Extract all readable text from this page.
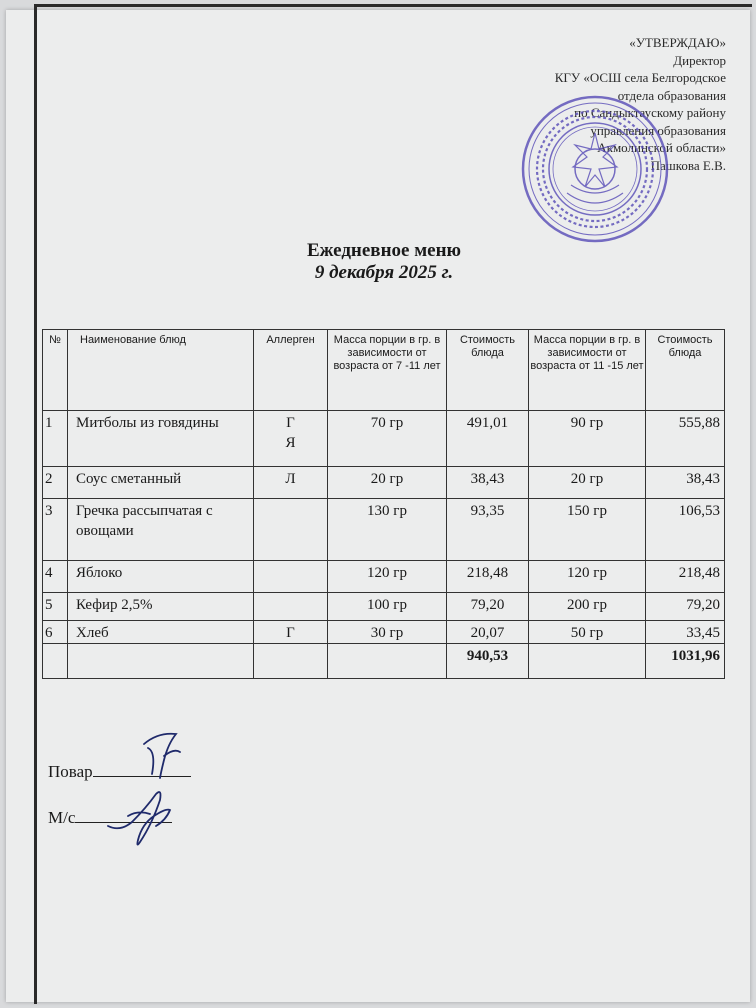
«УТВЕРЖДАЮ»
Директор
КГУ «ОСШ села Белгородское
отдела образования
по Сандыктаускому району
управления образования
Акмолинской области»
Пашкова Е.В.
Ежедневное меню
9 декабря 2025 г.
№	Наименование блюд	Аллерген	Масса порции в гр. в зависимости от возраста от 7 -11 лет	Стоимость блюда	Масса порции в гр. в зависимости от возраста от 11 -15 лет	Стоимость блюда
1	Митболы из говядины	Г Я	70 гр	491,01	90 гр	555,88
2	Соус сметанный	Л	20 гр	38,43	20 гр	38,43
3	Гречка рассыпчатая с овощами		130 гр	93,35	150 гр	106,53
4	Яблоко		120 гр	218,48	120 гр	218,48
5	Кефир 2,5%		100 гр	79,20	200 гр	79,20
6	Хлеб	Г	30 гр	20,07	50 гр	33,45
				940,53		1031,96
Повар
М/с
